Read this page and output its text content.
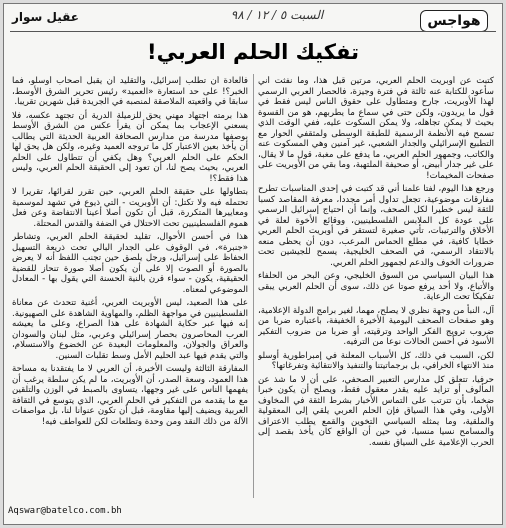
هواجس
السبت ٥ / ١٢ / ٩٨
عقيل سوار
تفكيك الحلم العربي!

كتبت عن أوبريت الحلم العربي، مرتين قبل هذا، وما نفثت أني سأعود للكتابة عنه ثالثة في فترة وجيزة، فالحصار العربي الرسمي لهذا الأوبريت، جارح ومتطاول على حقوق الناس ليس فقط في قول ما يريدون، ولكن حتى في سماع ما يطربهم، هو من القسوة بحيث لا يمكن تجاهله، ولا يمكن السكوت عليه، ففي الوقت الذي تسمح فيه الأنظمة الرسمية للطبقة الوسطى ولمثقفي الحوار مع التطبيع الإسرائيلي والجدار الشعبي، غير آمنين وهي المسكوت عنه والكاتب، وجمهور الحلم العربي، ما يدفع على مغبة، قول ما لا يقال، على غير جدار أبيض، أو صحيفة الملتهبة، وما بقي من الأوبريت على صفحات المخيمات!

ورجع هذا اليوم، لفتا علمنا أني قد كتبت في إحدى المناسبات تطرح مفارقات موضوعية، تجعل تداول أمر مجددا، معرفة المقاصد كسبا للثقة ليس خطيرا لكل الصحف، وإنما أن احتياج إسرائيل الرسمي على عودة كل الملابس الفلسطينيين، ووقائع الأخوة لعلة في الأخلاق والترتيبات، تأتي صغيرة لتستقر في أوبريت الحلم العربي خطايا كافية، في مطلع الحماس المرعب، دون أن يحظى منعه بالانتقاد الرسمي، في الصحف الخليجية، يسمح للجيشين تحت ضرورات الخوف والدعم لجمهور الحلم العربي.

هذا البيان السياسي من السوق الخليجي، وعن البحر من الحلفاء والأتباع، ولا أحد يرفع صوتا عن ذلك، سوى أن الحلم العربي يبقى تفكيكا تحت الرعاية.

آل، النبأ من وجهة نظري لا يصلح، مهما، لغير برامج الدولة الإعلامية، وهو صفحات الصحف اليومية الأخيرة الخفيفة، باعتباره ضربا من ضروب ترويج الفكر الواحد وترقيته، أو ضربا من ضروب التفكير الأسود في أحسن الحالات نوعا من الترفيه.

لكن، السبب في ذلك، كل الأسباب المعلنة في إمبراطورية أوسلو منذ الانتهاء الخرافي، بل برجماتيتنا والتنفيذ والانتقائية وتفرغاتها؟

حرفيا، تتعلق كل مدارس التعبير الصحفي، على أن لا ما شذ عن المألوف أو تزايد عليه يقدر معقول فقط، ويصلح أن يكون خبرا ضخما، بأن تترتب على التماس الأخبار بشرط الثقة في المخاوف الأولى، وفي هذا السياق فإن الحلم العربي يلقي إلى المعقولية والملقية، وما يمثله السياسي التخوين والقمع يطلب الاعتراف والمسامح نسيا منسيا، في حين أن الواقع كان يأخذ بقصد إلى الحرب الإعلامية على السياق نفسه.

فالعادة أن تطلب إسرائيل، والتقليد أن يقبل أصحاب أوسلو، فما الخبر؟! على حد استعارة «العميد» رئيس تحرير الشرق الأوسط، سابقا في واقعيته الملاصقة لمنصبه في الجريدة قبل شهرين تقريبا.

هذا برمته اجتهاد مهني يحق للزميلة الدرية أن تجتهد عكسه، فلا يسعني الإعجاب بما يمكن أن يقرأ عكس من الشرق الأوسط بوصفها مدرسة من مدارس الصحافة العربية الحديثة التي يطالب أن يأخذ بعين الاعتبار كل ما تروجه العميد وغيره، ولكن هل يحق لها الحكم على الحلم العربي؟ وهل يكفي أن تتطاول على الحلم العربي، بحيث يصح لنا، أن تعود إلى الحقيقة الحلم العربي، وليس هذا فقط؟!

بتطاولها على حقيقة الحلم العربي، حين تقرر لقرائها، تقريرا لا تحتمله فيه ولا تكتل: أن الأوبريت - التي ذيوع في تشهد لموسمية ومعاييرها المتكررة، قبل أن تكون أصلا أعينا الانتفاضة وعن فعل هموم الفلسطينيين تحت الاحتلال في الضفة والقدس المحتلة.

هذا في أحسن الأحوال، تقليد لحقيقة الحلم العربي، وتشاطر «جنبرة»، في الوقوف على الجدار البالي تحت ذريعة التسهيل الحفاظ على إسرائيل، ورجل يلصق حين تجنب اللفظ أنه لا يعرض بالصورة أو الصوت إلا على أن يكون أصلا صورة تنحاز للقضية الحقيقية، يكون - سواء قرن بالنية الحسنة التي يقول بها - المعادل الموضوعي لمعناه.

على هذا الصعيد، ليس الأوبريت العربي، أغنية تتحدث عن معاناة الفلسطينيين في مواجهة الظلم، والمهاوية الشاهدة على الصهيونية. إنه فيها عبر حكاية الشهادة على هذا الصراع، وعلى ما يعيشه العرب المحاصرون بحصار إسرائيلي وعربي، مثل لبنان والسودان والعراق والجولان، والمعلومات البعيدة عن الخضوع والاستسلام، والتي يقدم فيها عبد الحليم الأمل وسط تقلبات السنين.

المفارقة الثالثة وليست الأخيرة، أن العربي لا ما يفتقدنا به مساحة هذا العمود، وسعة الصدر، أن الأوبريت، ما لم يكن سلطة يرغب أن يفهمها الناس على غير وجهها، يتساوى بالصبط في الوزن والتلقين مع ما يقدمه من التفكير في الحلم العربي، الذي يتوسع في الثقافة العربية ويضيف إليها مقاومة، قبل أن تكون عنوانا لنا، بل مواصفات الآلة من ذلك النقد ومن وحدة وتطلعات لكن للعواطف فيه!

Aqswar@batelco.com.bh
